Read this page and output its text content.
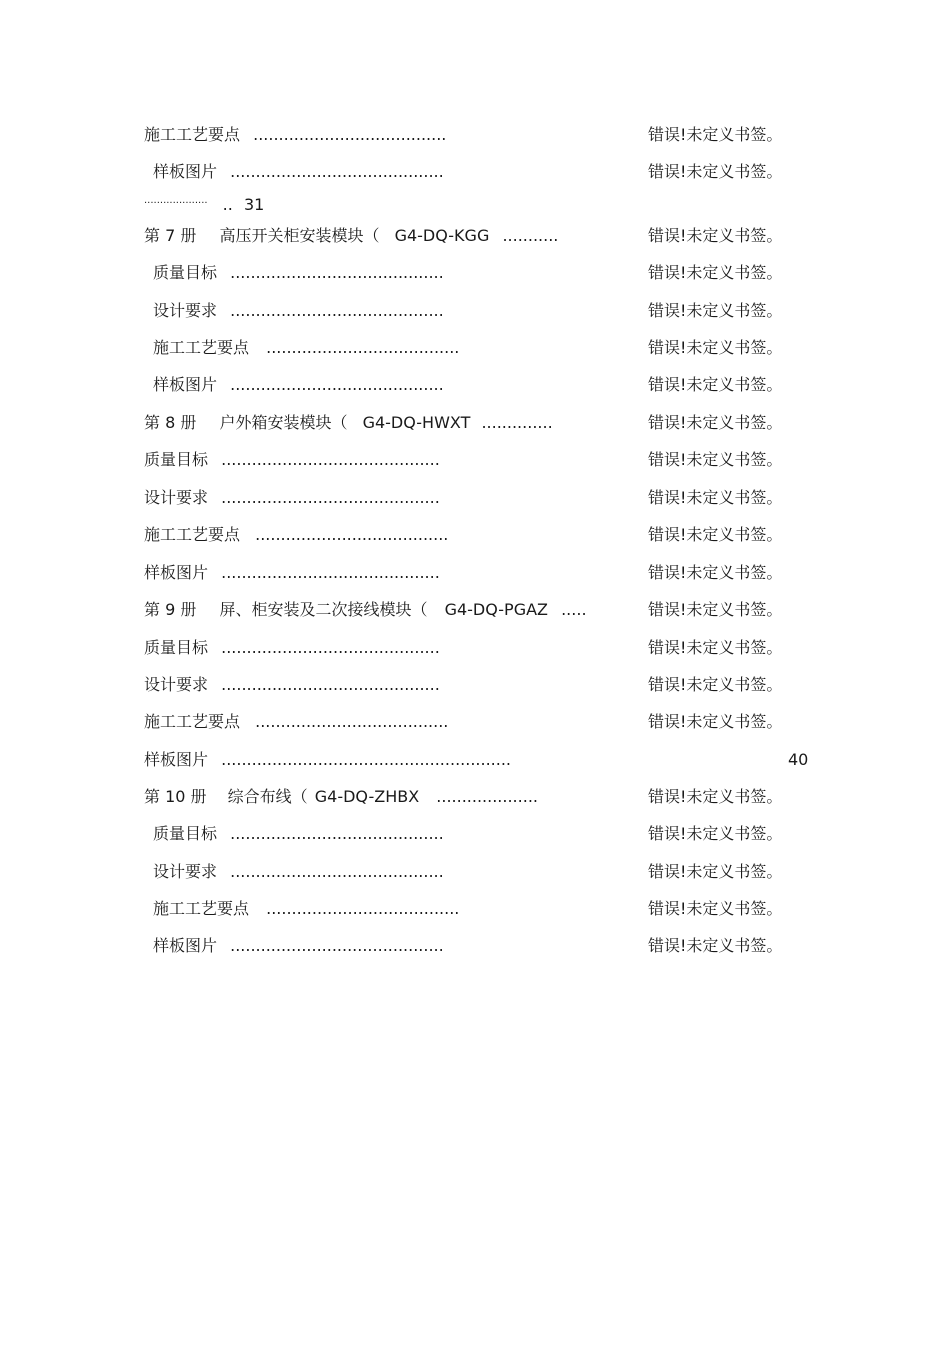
施工工艺要点 ......................................	错误!未定义书签。
样板图片 ..........................................	错误!未定义书签。
.................... .. 31
第 7 册 高压开关柜安装模块（ G4-DQ-KGG ...........	错误!未定义书签。
质量目标 ..........................................	错误!未定义书签。
设计要求 ..........................................	错误!未定义书签。
施工工艺要点 ......................................	错误!未定义书签。
样板图片 ..........................................	错误!未定义书签。
第 8 册 户外箱安装模块（ G4-DQ-HWXT ..............	错误!未定义书签。
质量目标 ...........................................	错误!未定义书签。
设计要求 ...........................................	错误!未定义书签。
施工工艺要点 ......................................	错误!未定义书签。
样板图片 ...........................................	错误!未定义书签。
第 9 册 屏、柜安装及二次接线模块（ G4-DQ-PGAZ .....	错误!未定义书签。
质量目标 ...........................................	错误!未定义书签。
设计要求 ...........................................	错误!未定义书签。
施工工艺要点 ......................................	错误!未定义书签。
样板图片 .........................................................	40
第 10 册 综合布线（ G4-DQ-ZHBX ....................	错误!未定义书签。
质量目标 ..........................................	错误!未定义书签。
设计要求 ..........................................	错误!未定义书签。
施工工艺要点 ......................................	错误!未定义书签。
样板图片 ..........................................	错误!未定义书签。
